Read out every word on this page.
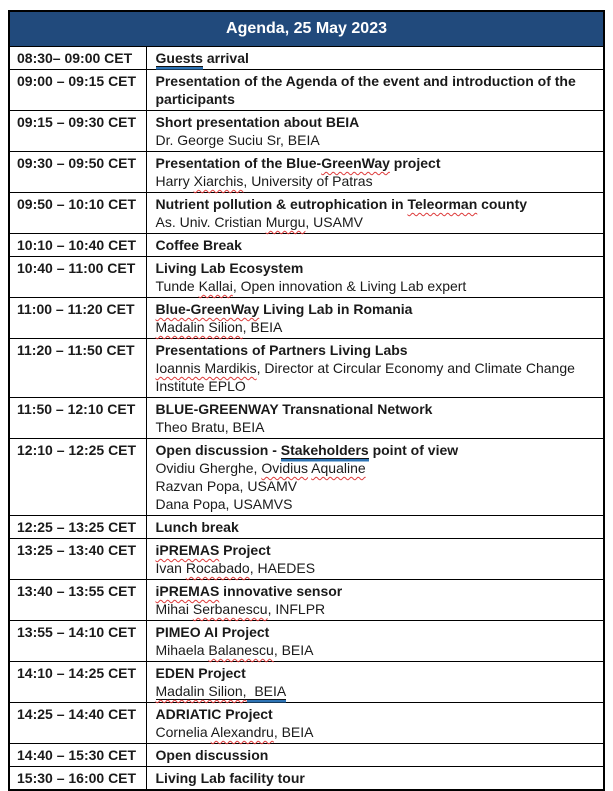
Agenda, 25 May 2023	
08:30– 09:00 CET	Guests arrival

09:00 – 09:15 CET	Presentation of the Agenda of the event and introduction of the participants

09:15 – 09:30 CET	Short presentation about BEIA
Dr. George Suciu Sr, BEIA

09:30 – 09:50 CET	Presentation of the Blue-GreenWay project
Harry Xiarchis, University of Patras

09:50 – 10:10 CET	Nutrient pollution & eutrophication in Teleorman county
As. Univ. Cristian Murgu, USAMV

10:10 – 10:40 CET	Coffee Break

10:40 – 11:00 CET	Living Lab Ecosystem
Tunde Kallai, Open innovation & Living Lab expert

11:00 – 11:20 CET	Blue-GreenWay Living Lab in Romania
Madalin Silion, BEIA

11:20 – 11:50 CET	Presentations of Partners Living Labs
Ioannis Mardikis, Director at Circular Economy and Climate Change Institute EPLO

11:50 – 12:10 CET	BLUE-GREENWAY Transnational Network
Theo Bratu, BEIA

12:10 – 12:25 CET	Open discussion - Stakeholders point of view
Ovidiu Gherghe, Ovidius Aqualine
Razvan Popa, USAMV
Dana Popa, USAMVS

12:25 – 13:25 CET	Lunch break

13:25 – 13:40 CET	iPREMAS Project
Ivan Rocabado, HAEDES

13:40 – 13:55 CET	iPREMAS innovative sensor
Mihai Serbanescu, INFLPR

13:55 – 14:10 CET	PIMEO AI Project
Mihaela Balanescu, BEIA

14:10 – 14:25 CET	EDEN Project
Madalin Silion,  BEIA

14:25 – 14:40 CET	ADRIATIC Project
Cornelia Alexandru, BEIA

14:40 – 15:30 CET	Open discussion

15:30 – 16:00 CET	Living Lab facility tour
